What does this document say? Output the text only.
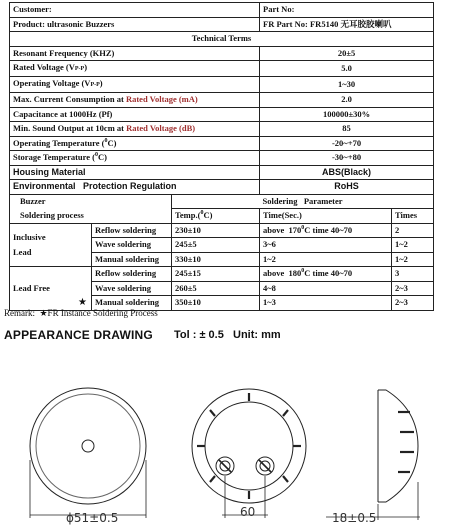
Customer:			Part No:	
Product: ultrasonic Buzzers			FR Part No: FR5140 无耳胶胶喇叭	
Technical Terms				
Resonant Frequency (KHZ)			20±5	
Rated Voltage (VP-P)			5.0	
Operating Voltage (VP-P)			1~30	
Max. Current Consumption at Rated Voltage (mA)			2.0	
Capacitance at 1000Hz (Pf)			100000±30%	
Min. Sound Output at 10cm at Rated Voltage (dB)			85	
Operating Temperature ($^0$C)			-20~+70	
Storage Temperature ($^0$C)			-30~+80	
Housing Material			ABS(Black)	
Environmental   Protection Regulation			RoHS	
Buzzer		Soldering   Parameter		
Soldering process		Temp.($^0$C)	Time(Sec.)	Times

Inclusive
Lead	Reflow soldering	230±10	above  $170^0C$ time 40~70	2
	Wave soldering	245±5	3~6	1~2
	Manual soldering	330±10	1~2	1~2
Lead Free	Reflow soldering	245±15	above  $180^0C$ time 40~70	3
	Wave soldering	260±5	4~8	2~3

	★ Manual soldering	350±10	1~3	2~3
Remark:  ★FR Instance Soldering Process
APPEARANCE DRAWING Tol : ± 0.5   Unit: mm
ϕ51±0.5	60	18±0.5
